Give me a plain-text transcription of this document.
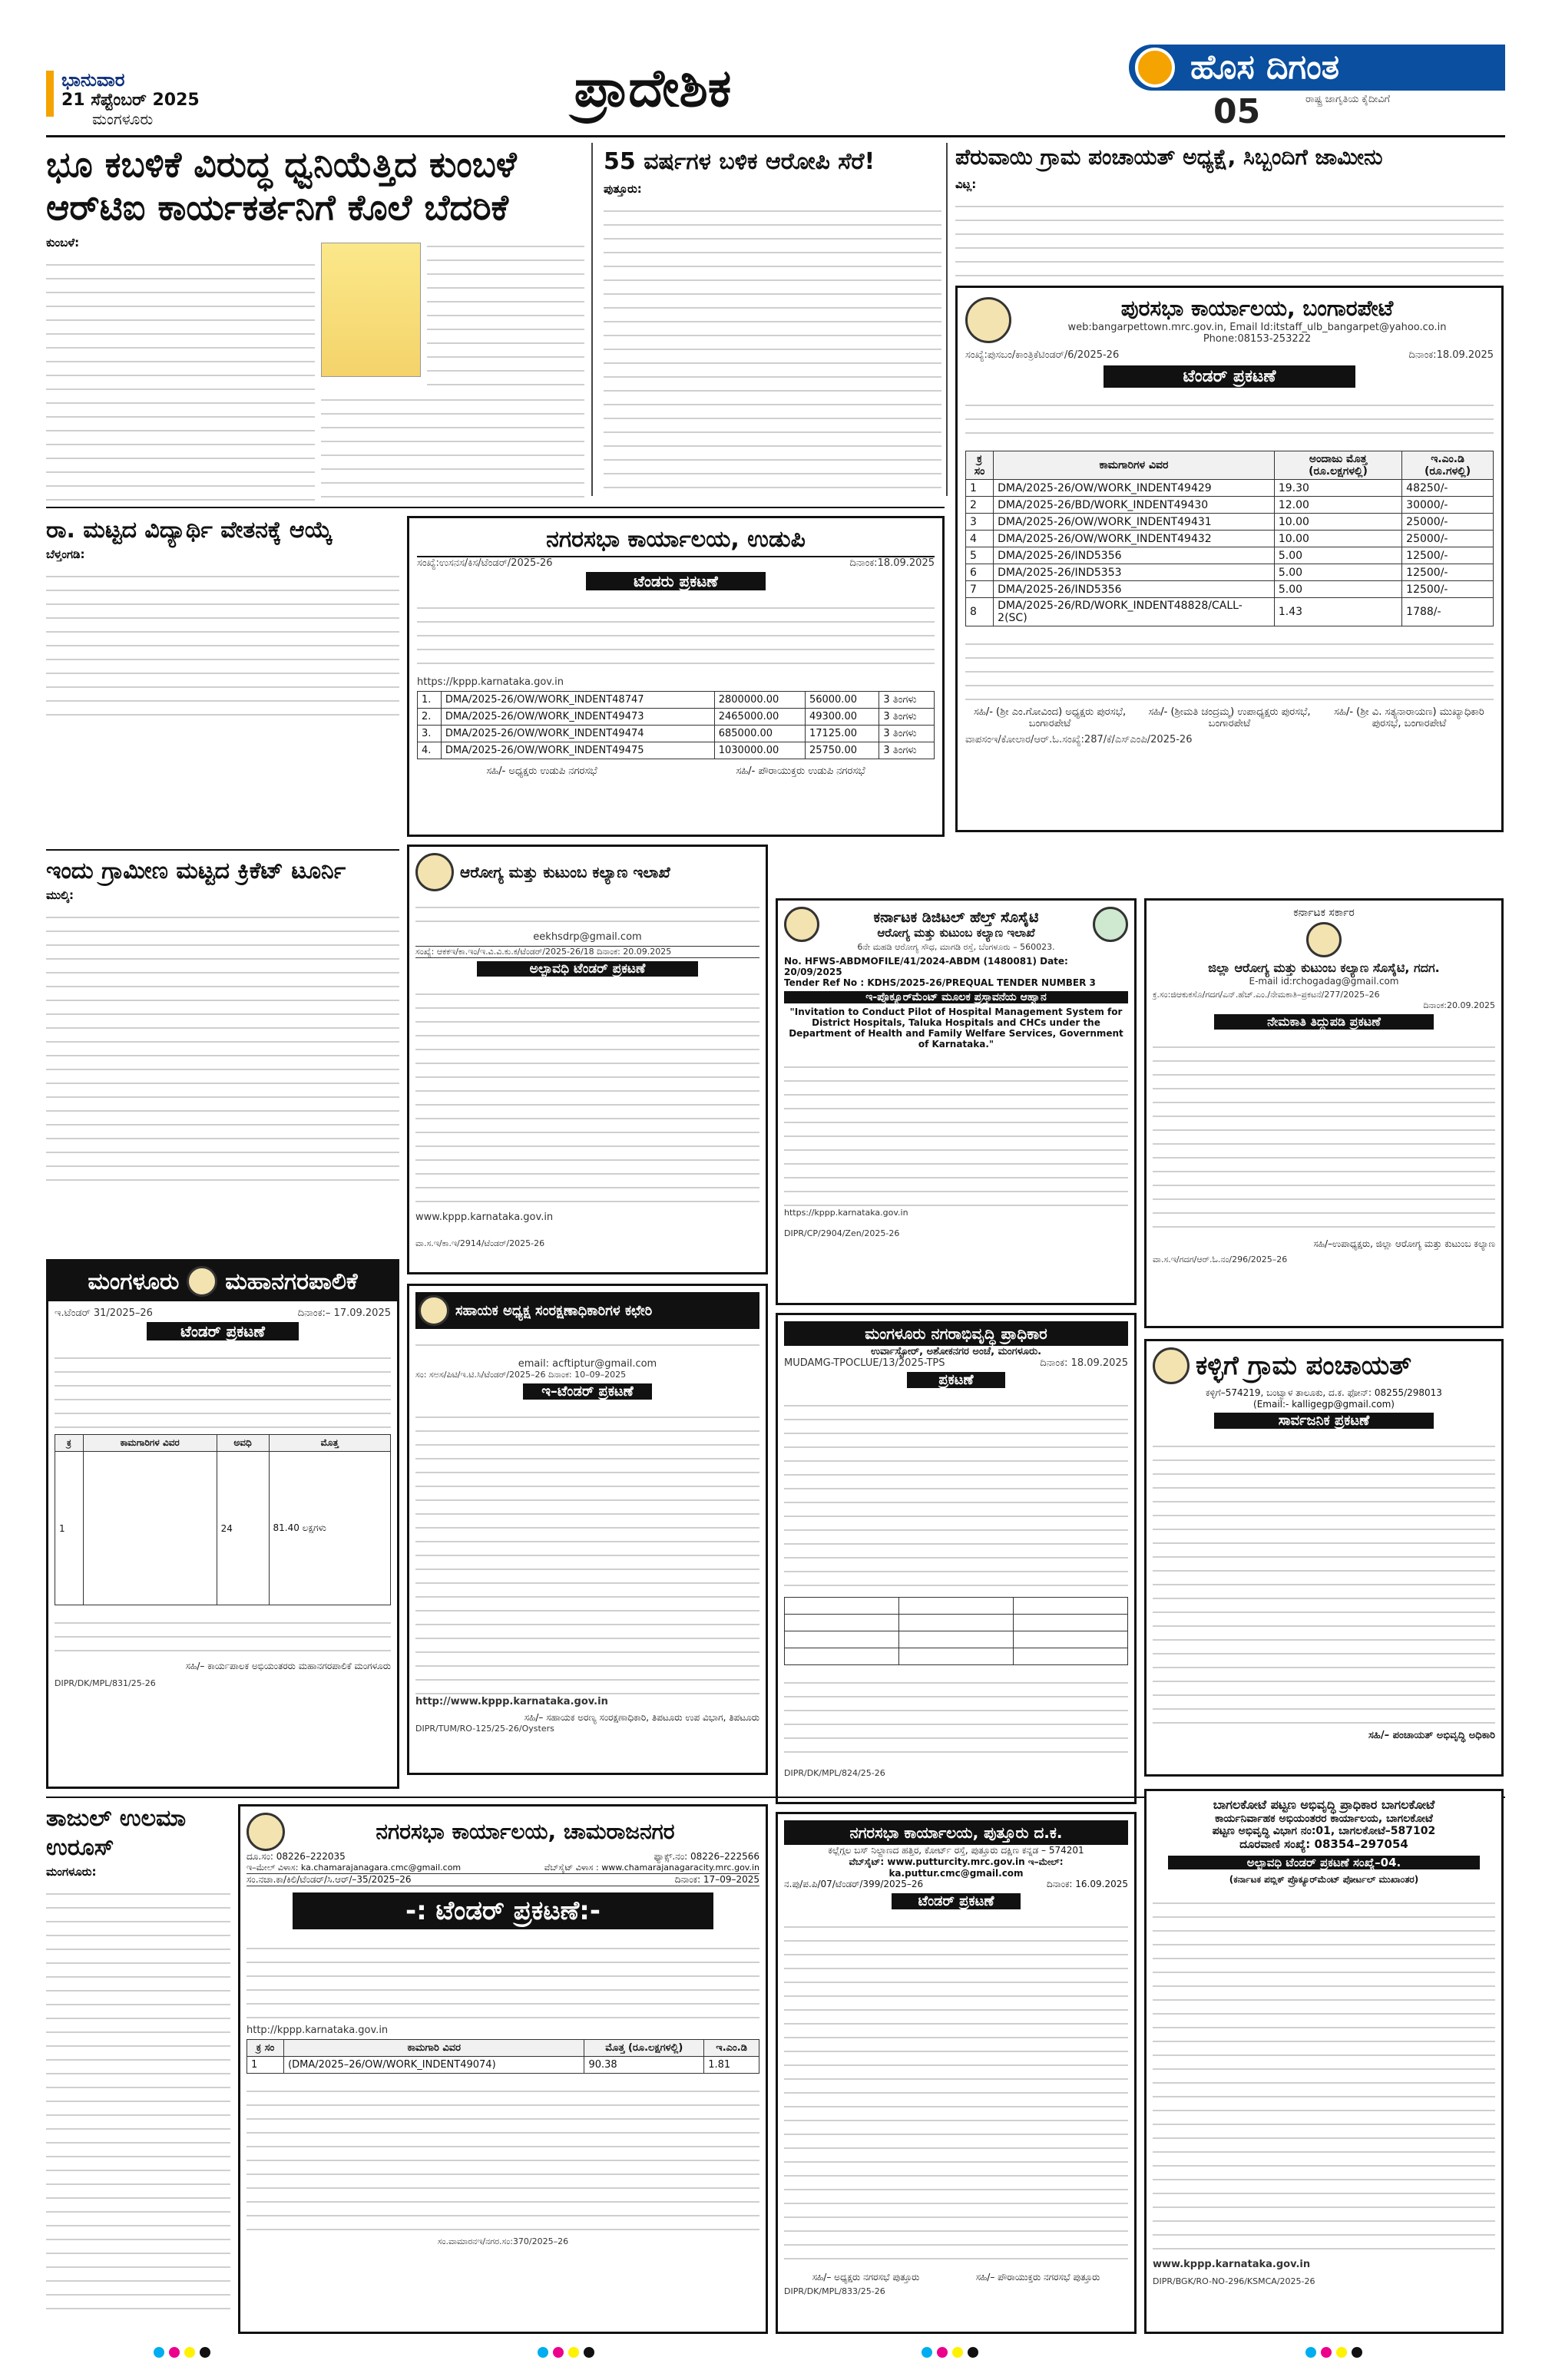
ಭಾನುವಾರ
21 ಸೆಪ್ಟೆಂಬರ್ 2025
ಮಂಗಳೂರು	ಪ್ರಾದೇಶಿಕ	ಹೊಸ ದಿಗಂತ
05	ರಾಷ್ಟ್ರ ಜಾಗೃತಿಯ ಕೈದೀವಿಗೆ
ಭೂ ಕಬಳಿಕೆ ವಿರುದ್ಧ ಧ್ವನಿಯೆತ್ತಿದ ಕುಂಬಳೆ
ಆರ್‌ಟಿಐ ಕಾರ್ಯಕರ್ತನಿಗೆ ಕೊಲೆ ಬೆದರಿಕೆ
ಕುಂಬಳೆ:
55 ವರ್ಷಗಳ ಬಳಿಕ ಆರೋಪಿ ಸೆರೆ!
ಪುತ್ತೂರು:
ಪೆರುವಾಯಿ ಗ್ರಾಮ ಪಂಚಾಯತ್ ಅಧ್ಯಕ್ಷೆ, ಸಿಬ್ಬಂದಿಗೆ ಜಾಮೀನು
ವಿಟ್ಲ:
ಪುರಸಭಾ ಕಾರ್ಯಾಲಯ, ಬಂಗಾರಪೇಟೆ
web:bangarpettown.mrc.gov.in, Email Id:itstaff_ulb_bangarpet@yahoo.co.in
Phone:08153-253222
ಸಂಖ್ಯೆ:ಪುಸಬಂ/ಕಾಂತ್ರಿಕೆಟಿಂಡರ್/6/2025-26	ದಿನಾಂಕ:18.09.2025
ಟೆಂಡರ್ ಪ್ರಕಟಣೆ
ಕ್ರ ಸಂ	ಕಾಮಗಾರಿಗಳ ವಿವರ	ಅಂದಾಜು ಮೊತ್ತ (ರೂ.ಲಕ್ಷಗಳಲ್ಲಿ)	ಇ.ಎಂ.ಡಿ (ರೂ.ಗಳಲ್ಲಿ)
1	DMA/2025-26/OW/WORK_INDENT49429	19.30	48250/-
2	DMA/2025-26/BD/WORK_INDENT49430	12.00	30000/-
3	DMA/2025-26/OW/WORK_INDENT49431	10.00	25000/-
4	DMA/2025-26/OW/WORK_INDENT49432	10.00	25000/-
5	DMA/2025-26/IND5356	5.00	12500/-
6	DMA/2025-26/IND5353	5.00	12500/-
7	DMA/2025-26/IND5356	5.00	12500/-
8	DMA/2025-26/RD/WORK_INDENT48828/CALL-2(SC)	1.43	1788/-
ಸಹಿ/- (ಶ್ರೀ ಎಂ.ಗೋವಿಂದ) ಅಧ್ಯಕ್ಷರು ಪುರಸಭೆ, ಬಂಗಾರಪೇಟೆ
ಸಹಿ/- (ಶ್ರೀಮತಿ ಚಂದ್ರಮ್ಮ) ಉಪಾಧ್ಯಕ್ಷರು ಪುರಸಭೆ, ಬಂಗಾರಪೇಟೆ
ಸಹಿ/- (ಶ್ರೀ ವಿ. ಸತ್ಯನಾರಾಯಣ) ಮುಖ್ಯಾಧಿಕಾರಿ ಪುರಸಭೆ, ಬಂಗಾರಪೇಟೆ
ವಾಪಸಂಇ/ಕೋಲಾರ/ಆರ್.ಓ.ಸಂಖ್ಯೆ:287/ಕೆ/ಎಸ್‌ಎಂಪಿ/2025-26
ರಾ. ಮಟ್ಟದ ವಿದ್ಯಾರ್ಥಿ ವೇತನಕ್ಕೆ ಆಯ್ಕೆ
ಬೆಳ್ತಂಗಡಿ:
ಇಂದು ಗ್ರಾಮೀಣ ಮಟ್ಟದ ಕ್ರಿಕೆಟ್ ಟೂರ್ನಿ
ಮುಲ್ಕಿ:
ನಗರಸಭಾ ಕಾರ್ಯಾಲಯ, ಉಡುಪಿ
ಸಂಖ್ಯೆ:ಉಸನಸ/ಕಿಸ/ಟೆಂಡರ್/2025-26	ದಿನಾಂಕ:18.09.2025
ಟೆಂಡರು ಪ್ರಕಟಣೆ
https://kppp.karnataka.gov.in
1.	DMA/2025-26/OW/WORK_INDENT48747	2800000.00	56000.00	3 ತಿಂಗಳು
2.	DMA/2025-26/OW/WORK_INDENT49473	2465000.00	49300.00	3 ತಿಂಗಳು
3.	DMA/2025-26/OW/WORK_INDENT49474	685000.00	17125.00	3 ತಿಂಗಳು
4.	DMA/2025-26/OW/WORK_INDENT49475	1030000.00	25750.00	3 ತಿಂಗಳು
ಸಹಿ/- ಅಧ್ಯಕ್ಷರು ಉಡುಪಿ ನಗರಸಭೆ	ಸಹಿ/- ಪೌರಾಯುಕ್ತರು ಉಡುಪಿ ನಗರಸಭೆ
ಆರೋಗ್ಯ ಮತ್ತು ಕುಟುಂಬ ಕಲ್ಯಾಣ ಇಲಾಖೆ
eekhsdrp@gmail.com
ಸಂಖ್ಯೆ: ಆಕಕಇ/ಕಾ.ಇಂ/ಇ.ವಿ.ವಿ.ಕು.ಕ/ಟೆಂಡರ್/2025-26/18 ದಿನಾಂಕ: 20.09.2025
ಅಲ್ಪಾವಧಿ ಟೆಂಡರ್ ಪ್ರಕಟಣೆ
www.kppp.karnataka.gov.in
ವಾ.ಸ.ಇ/ಕಾ.ಇ/2914/ಟೆಂಡರ್/2025-26
ಕರ್ನಾಟಕ ಡಿಜಿಟಲ್ ಹೆಲ್ತ್ ಸೊಸೈಟಿ
ಆರೋಗ್ಯ ಮತ್ತು ಕುಟುಂಬ ಕಲ್ಯಾಣ ಇಲಾಖೆ
6ನೇ ಮಹಡಿ ಆರೋಗ್ಯ ಸೌಧ, ಮಾಗಡಿ ರಸ್ತೆ, ಬೆಂಗಳೂರು – 560023.
No. HFWS-ABDMOFILE/41/2024-ABDM (1480081) Date: 20/09/2025
Tender Ref No : KDHS/2025-26/PREQUAL TENDER NUMBER 3
ಇ-ಪ್ರೊಕ್ಯೂರ್‌ಮೆಂಟ್ ಮೂಲಕ ಪ್ರಸ್ತಾವನೆಯ ಆಹ್ವಾನ
"Invitation to Conduct Pilot of Hospital Management System for District Hospitals, Taluka Hospitals and CHCs under the Department of Health and Family Welfare Services, Government of Karnataka."
https://kppp.karnataka.gov.in
DIPR/CP/2904/Zen/2025-26
ಕರ್ನಾಟಕ ಸರ್ಕಾರ
ಜಿಲ್ಲಾ ಆರೋಗ್ಯ ಮತ್ತು ಕುಟುಂಬ ಕಲ್ಯಾಣ ಸೊಸೈಟಿ, ಗದಗ.
E-mail id:rchogadag@gmail.com
ಕ್ರ.ಸಂ:ಜಿಆಕುಕಸೊ/ಗದಗ/ಎನ್.ಹೆಚ್.ಎಂ./ನೇಮಕಾತಿ–ಪ್ರಕಟನೆ/277/2025–26
ದಿನಾಂಕ:20.09.2025
ನೇಮಕಾತಿ ತಿದ್ದುಪಡಿ ಪ್ರಕಟಣೆ
ಸಹಿ/–ಉಪಾಧ್ಯಕ್ಷರು, ಜಿಲ್ಲಾ ಆರೋಗ್ಯ ಮತ್ತು ಕುಟುಂಬ ಕಲ್ಯಾಣ
ವಾ.ಸ.ಇ/ಗದಗ/ಆರ್.ಓ.ನಂ/296/2025–26
ಮಂಗಳೂರು ಮಹಾನಗರಪಾಲಿಕೆ
ಇ.ಟೆಂಡರ್ 31/2025–26	ದಿನಾಂಕ:– 17.09.2025
ಟೆಂಡರ್ ಪ್ರಕಟಣೆ
ಕ್ರ	ಕಾಮಗಾರಿಗಳ ವಿವರ	ಅವಧಿ	ಮೊತ್ತ
1		24	81.40 ಲಕ್ಷಗಳು
ಸಹಿ/– ಕಾರ್ಯಪಾಲಕ ಅಭಿಯಂತರರು ಮಹಾನಗರಪಾಲಿಕೆ ಮಂಗಳೂರು
DIPR/DK/MPL/831/25-26
ಸಹಾಯಕ ಅಧ್ಯಕ್ಷ ಸಂರಕ್ಷಣಾಧಿಕಾರಿಗಳ ಕಛೇರಿ
email: acftiptur@gmail.com
ಸಂ: ಸಅಸ/ಪಿಟಿ/ಇ.ಟಿ.ಸಿ/ಟೆಂಡರ್/2025–26 ದಿನಾಂಕ: 10–09–2025
ಇ–ಟೆಂಡರ್ ಪ್ರಕಟಣೆ
http://www.kppp.karnataka.gov.in
ಸಹಿ/– ಸಹಾಯಕ ಅರಣ್ಯ ಸಂರಕ್ಷಣಾಧಿಕಾರಿ, ತಿಪಟೂರು ಉಪ ವಿಭಾಗ, ತಿಪಟೂರು
DIPR/TUM/RO-125/25-26/Oysters
ಮಂಗಳೂರು ನಗರಾಭಿವೃದ್ಧಿ ಪ್ರಾಧಿಕಾರ
ಉರ್ವಾಸ್ಟೋರ್, ಅಶೋಕನಗರ ಅಂಚೆ, ಮಂಗಳೂರು.
MUDAMG-TPOCLUE/13/2025-TPS	ದಿನಾಂಕ: 18.09.2025
ಪ್ರಕಟಣೆ

DIPR/DK/MPL/824/25-26
ಕಳ್ಳಿಗೆ ಗ್ರಾಮ ಪಂಚಾಯತ್
ಕಳ್ಳಿಗೆ–574219, ಬಂಟ್ವಾಳ ತಾಲೂಕು, ದ.ಕ. ಫೋನ್: 08255/298013
(Email:- kalligegp@gmail.com)
ಸಾರ್ವಜನಿಕ ಪ್ರಕಟಣೆ
ಸಹಿ/– ಪಂಚಾಯತ್ ಅಭಿವೃದ್ಧಿ ಅಧಿಕಾರಿ
ತಾಜುಲ್ ಉಲಮಾ
ಉರೂಸ್
ಮಂಗಳೂರು:
ನಗರಸಭಾ ಕಾರ್ಯಾಲಯ, ಚಾಮರಾಜನಗರ
ದೂ.ಸಂ: 08226–222035	ಫ್ಯಾಕ್ಸ್.ನಂ: 08226–222566
ಇ–ಮೇಲ್ ವಿಳಾಸ: ka.chamarajanagara.cmc@gmail.com	ವೆಬ್‌ಸೈಟ್ ವಿಳಾಸ : www.chamarajanagaracity.mrc.gov.in
ಸಂ.ನಚಾ.ಕಾ/ಕಿಲಿ/ಟೆಂಡರ್/ಸಿ.ಆರ್/–35/2025–26	ದಿನಾಂಕ: 17–09–2025
-: ಟೆಂಡರ್ ಪ್ರಕಟಣೆ:-
http://kppp.karnataka.gov.in
ಕ್ರ ಸಂ	ಕಾಮಗಾರಿ ವಿವರ	ಮೊತ್ತ (ರೂ.ಲಕ್ಷಗಳಲ್ಲಿ)	ಇ.ಎಂ.ಡಿ
1	(DMA/2025–26/OW/WORK_INDENT49074)	90.38	1.81
ಸಂ.ವಾಮಾರನಇ/ನಗರ.ಸಂ:370/2025–26
ನಗರಸಭಾ ಕಾರ್ಯಾಲಯ, ಪುತ್ತೂರು ದ.ಕ.
ಕಲ್ಲೆಗ್ಗಲ ಬಸ್ ನಿಲ್ದಾಣದ ಹತ್ತಿರ, ಕೋರ್ಟ್ ರಸ್ತೆ, ಪುತ್ತೂರು ದಕ್ಷಿಣ ಕನ್ನಡ – 574201
ವೆಬ್‌ಸೈಟ್: www.putturcity.mrc.gov.in ಇ–ಮೇಲ್: ka.puttur.cmc@gmail.com
ನ.ಪು/ಪ.ಪಿ/07/ಟೆಂಡರ್/399/2025–26	ದಿನಾಂಕ: 16.09.2025
ಟೆಂಡರ್ ಪ್ರಕಟಣೆ
ಸಹಿ/– ಅಧ್ಯಕ್ಷರು ನಗರಸಭೆ ಪುತ್ತೂರು	ಸಹಿ/– ಪೌರಾಯುಕ್ತರು ನಗರಸಭೆ ಪುತ್ತೂರು
DIPR/DK/MPL/833/25-26
ಬಾಗಲಕೋಟೆ ಪಟ್ಟಣ ಅಭಿವೃದ್ಧಿ ಪ್ರಾಧಿಕಾರ ಬಾಗಲಕೋಟೆ
ಕಾರ್ಯನಿರ್ವಾಹಕ ಅಭಿಯಂತರರ ಕಾರ್ಯಾಲಯ, ಬಾಗಲಕೋಟೆ
ಪಟ್ಟಣ ಅಭಿವೃದ್ಧಿ ವಿಭಾಗ ನಂ:01, ಬಾಗಲಕೋಟೆ–587102
ದೂರವಾಣಿ ಸಂಖ್ಯೆ: 08354–297054
ಅಲ್ಪಾವಧಿ ಟೆಂಡರ್ ಪ್ರಕಟಣೆ ಸಂಖ್ಯೆ–04.
(ಕರ್ನಾಟಕ ಪಬ್ಲಿಕ್ ಪ್ರೊಕ್ಯೂರ್‌ಮೆಂಟ್ ಪೋರ್ಟಲ್ ಮುಖಾಂತರ)
www.kppp.karnataka.gov.in
DIPR/BGK/RO-NO-296/KSMCA/2025-26
